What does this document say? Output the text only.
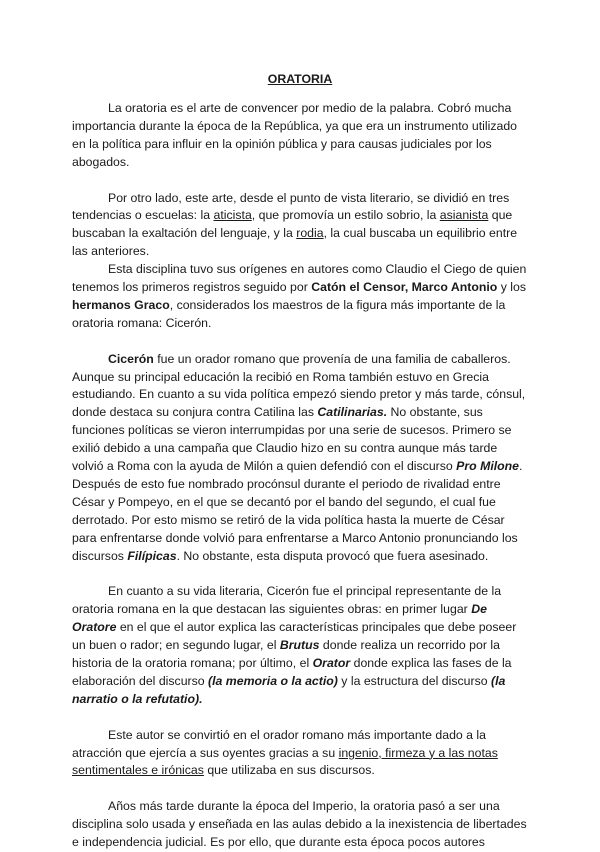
ORATORIA

La oratoria es el arte de convencer por medio de la palabra. Cobró mucha importancia durante la época de la República, ya que era un instrumento utilizado en la política para influir en la opinión pública y para causas judiciales por los abogados.

Por otro lado, este arte, desde el punto de vista literario, se dividió en tres tendencias o escuelas: la aticista, que promovía un estilo sobrio, la asianista que buscaban la exaltación del lenguaje, y la rodia, la cual buscaba un equilibrio entre las anteriores.

Esta disciplina tuvo sus orígenes en autores como Claudio el Ciego de quien tenemos los primeros registros seguido por Catón el Censor, Marco Antonio y los hermanos Graco, considerados los maestros de la figura más importante de la oratoria romana: Cicerón.

Cicerón fue un orador romano que provenía de una familia de caballeros. Aunque su principal educación la recibió en Roma también estuvo en Grecia estudiando. En cuanto a su vida política empezó siendo pretor y más tarde, cónsul, donde destaca su conjura contra Catilina las Catilinarias. No obstante, sus funciones políticas se vieron interrumpidas por una serie de sucesos. Primero se exilió debido a una campaña que Claudio hizo en su contra aunque más tarde volvió a Roma con la ayuda de Milón a quien defendió con el discurso Pro Milone. Después de esto fue nombrado procónsul durante el periodo de rivalidad entre César y Pompeyo, en el que se decantó por el bando del segundo, el cual fue derrotado. Por esto mismo se retiró de la vida política hasta la muerte de César para enfrentarse donde volvió para enfrentarse a Marco Antonio pronunciando los discursos Filípicas. No obstante, esta disputa provocó que fuera asesinado.

En cuanto a su vida literaria, Cicerón fue el principal representante de la oratoria romana en la que destacan las siguientes obras: en primer lugar De Oratore en el que el autor explica las características principales que debe poseer un buen o rador; en segundo lugar, el Brutus donde realiza un recorrido por la historia de la oratoria romana; por último, el Orator donde explica las fases de la elaboración del discurso (la memoria o la actio) y la estructura del discurso (la narratio o la refutatio).

Este autor se convirtió en el orador romano más importante dado a la atracción que ejercía a sus oyentes gracias a su ingenio, firmeza y a las notas sentimentales e irónicas que utilizaba en sus discursos.

Años más tarde durante la época del Imperio, la oratoria pasó a ser una disciplina solo usada y enseñada en las aulas debido a la inexistencia de libertades e independencia judicial. Es por ello, que durante esta época pocos autores
